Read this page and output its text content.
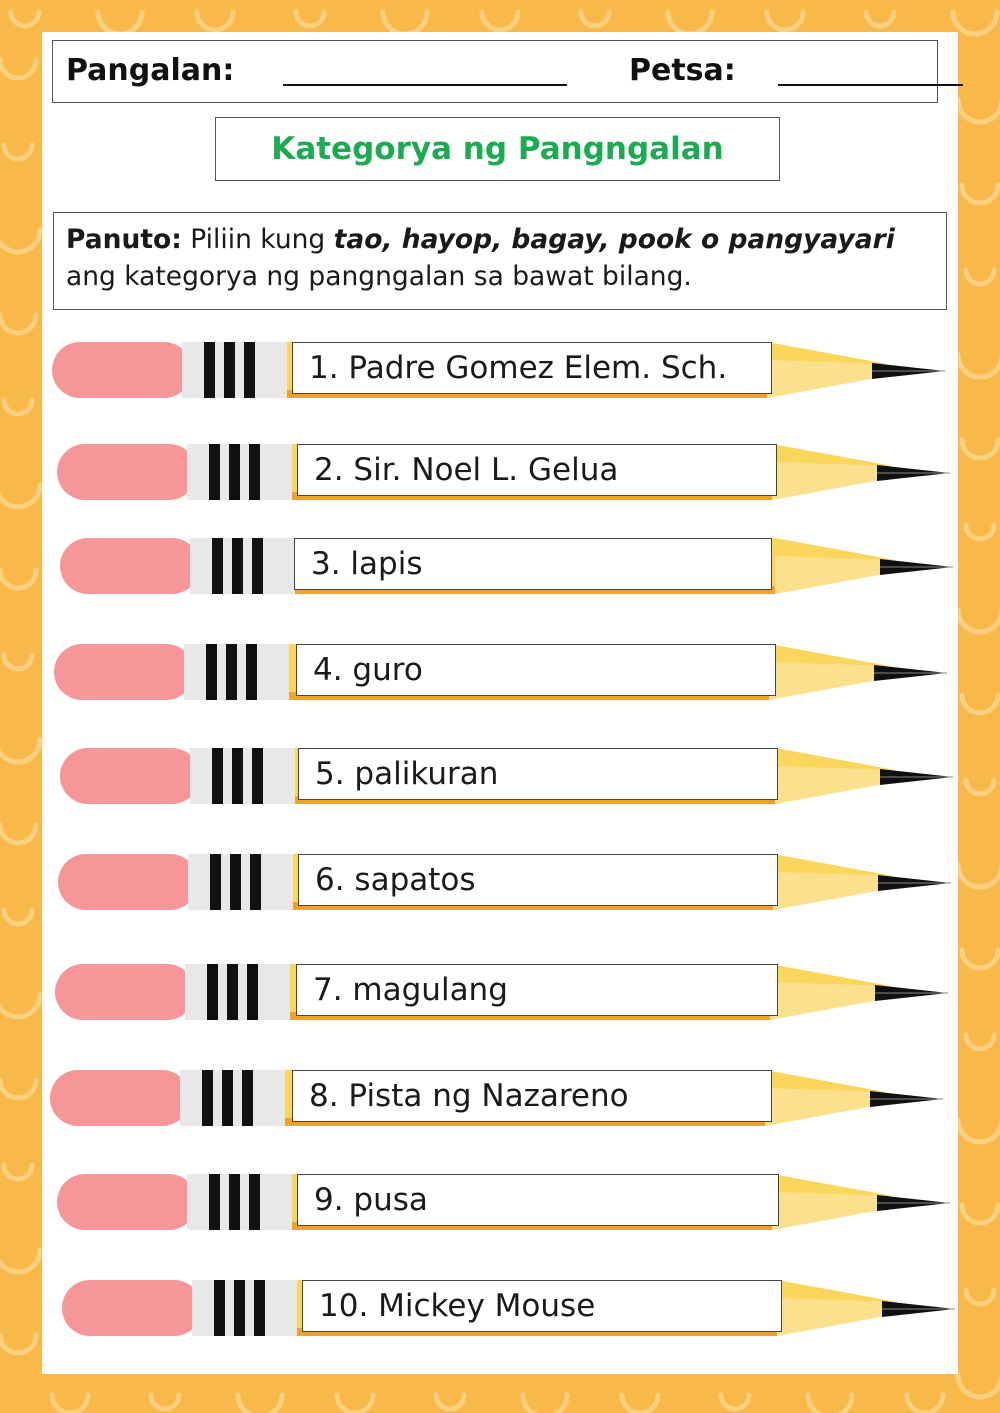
Pangalan:	Petsa:
Kategorya ng Pangngalan
Panuto: Piliin kung tao, hayop, bagay, pook o pangyayari
ang kategorya ng pangngalan sa bawat bilang.
1. Padre Gomez Elem. Sch.
2. Sir. Noel L. Gelua
3. lapis
4. guro
5. palikuran
6. sapatos
7. magulang
8. Pista ng Nazareno
9. pusa
10. Mickey Mouse
